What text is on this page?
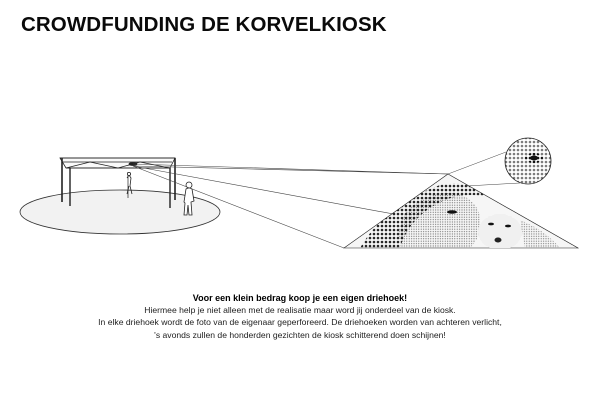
CROWDFUNDING DE KORVELKIOSK
Voor een klein bedrag koop je een eigen driehoek!
Hiermee help je niet alleen met de realisatie maar word jij onderdeel van de kiosk.
In elke driehoek wordt de foto van de eigenaar geperforeerd. De driehoeken worden van achteren verlicht,
's avonds zullen de honderden gezichten de kiosk schitterend doen schijnen!
